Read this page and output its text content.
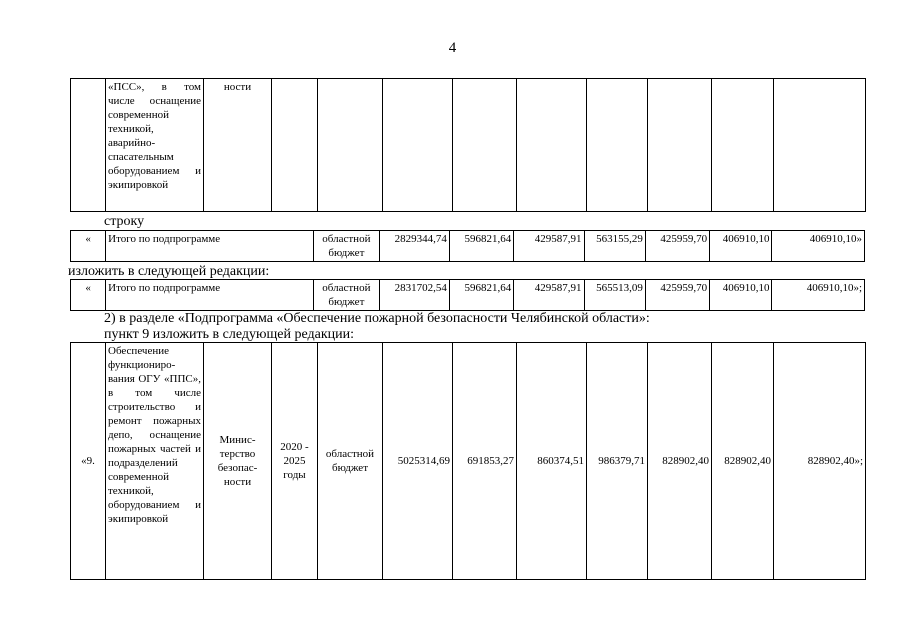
4
	«ПСС», в том числе оснащение современной техникой, аварийно-спасательным оборудованием и экипировкой	ности									
строку
«	Итого по подпрограмме	областной бюджет	2829344,74	596821,64	429587,91	563155,29	425959,70	406910,10	406910,10»
изложить в следующей редакции:
«	Итого по подпрограмме	областной бюджет	2831702,54	596821,64	429587,91	565513,09	425959,70	406910,10	406910,10»;
2) в разделе «Подпрограмма «Обеспечение пожарной безопасности Челябинской области»:
пункт 9 изложить в следующей редакции:
«9.	Обеспечение функциониро-вания ОГУ «ППС», в том числе строительство и ремонт пожарных депо, оснащение пожарных частей и подразделений современной техникой, оборудованием и экипировкой	Минис-терство безопас-ности	2020 - 2025 годы	областной бюджет	5025314,69	691853,27	860374,51	986379,71	828902,40	828902,40	828902,40»;
